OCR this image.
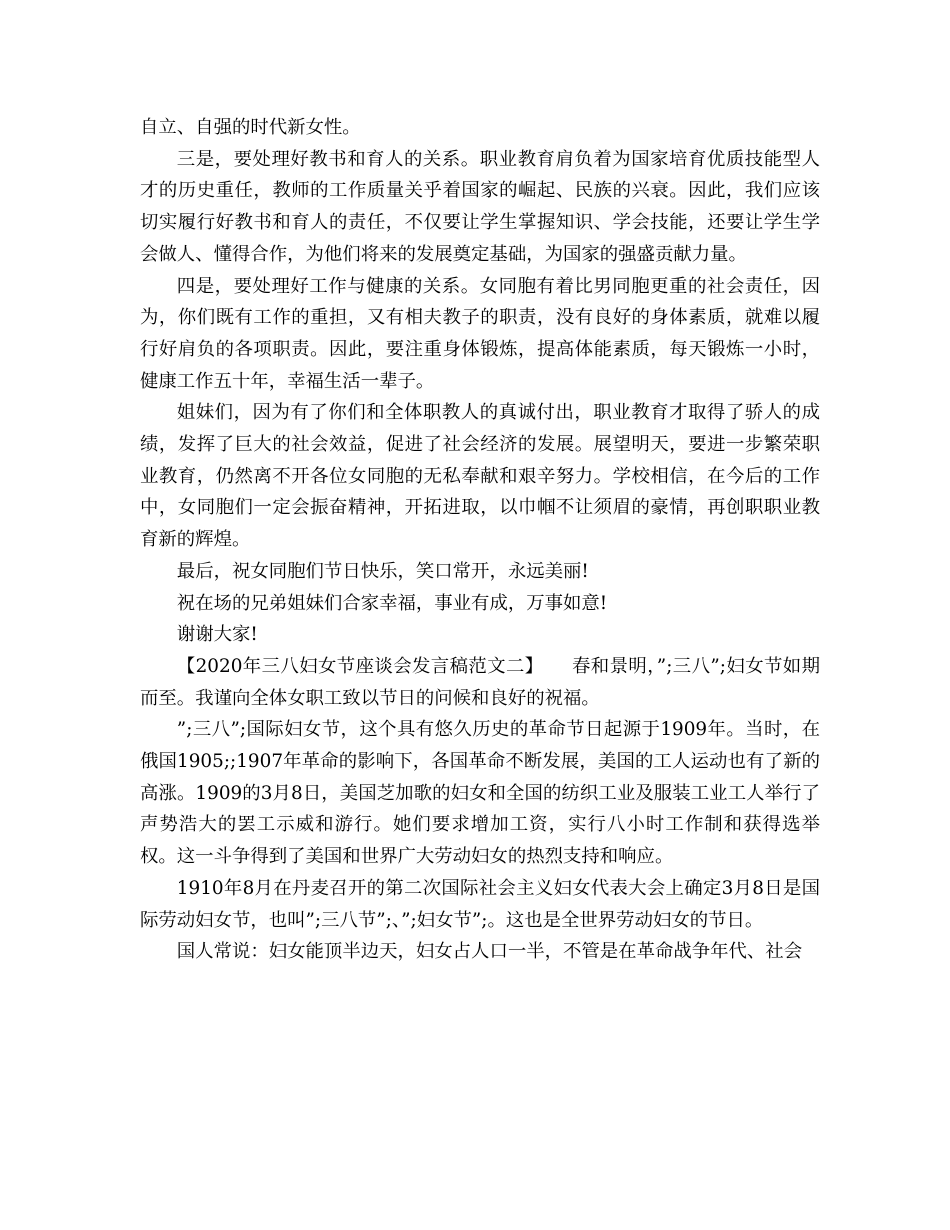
自立、自强的时代新女性。

三是，要处理好教书和育人的关系。职业教育肩负着为国家培育优质技能型人才的历史重任，教师的工作质量关乎着国家的崛起、民族的兴衰。因此，我们应该切实履行好教书和育人的责任，不仅要让学生掌握知识、学会技能，还要让学生学会做人、懂得合作，为他们将来的发展奠定基础，为国家的强盛贡献力量。

四是，要处理好工作与健康的关系。女同胞有着比男同胞更重的社会责任，因为，你们既有工作的重担，又有相夫教子的职责，没有良好的身体素质，就难以履行好肩负的各项职责。因此，要注重身体锻炼，提高体能素质，每天锻炼一小时，健康工作五十年，幸福生活一辈子。

姐妹们，因为有了你们和全体职教人的真诚付出，职业教育才取得了骄人的成绩，发挥了巨大的社会效益，促进了社会经济的发展。展望明天，要进一步繁荣职业教育，仍然离不开各位女同胞的无私奉献和艰辛努力。学校相信，在今后的工作中，女同胞们一定会振奋精神，开拓进取，以巾帼不让须眉的豪情，再创职职业教育新的辉煌。

最后，祝女同胞们节日快乐，笑口常开，永远美丽!

祝在场的兄弟姐妹们合家幸福，事业有成，万事如意!

谢谢大家!

【2020年三八妇女节座谈会发言稿范文二】　　春和景明，”;三八”;妇女节如期而至。我谨向全体女职工致以节日的问候和良好的祝福。

”;三八”;国际妇女节，这个具有悠久历史的革命节日起源于1909年。当时，在俄国1905;;1907年革命的影响下，各国革命不断发展，美国的工人运动也有了新的高涨。1909的3月8日，美国芝加歌的妇女和全国的纺织工业及服装工业工人举行了声势浩大的罢工示威和游行。她们要求增加工资，实行八小时工作制和获得选举权。这一斗争得到了美国和世界广大劳动妇女的热烈支持和响应。

1910年8月在丹麦召开的第二次国际社会主义妇女代表大会上确定3月8日是国际劳动妇女节，也叫”;三八节”;、”;妇女节”;。这也是全世界劳动妇女的节日。

国人常说：妇女能顶半边天，妇女占人口一半，不管是在革命战争年代、社会
